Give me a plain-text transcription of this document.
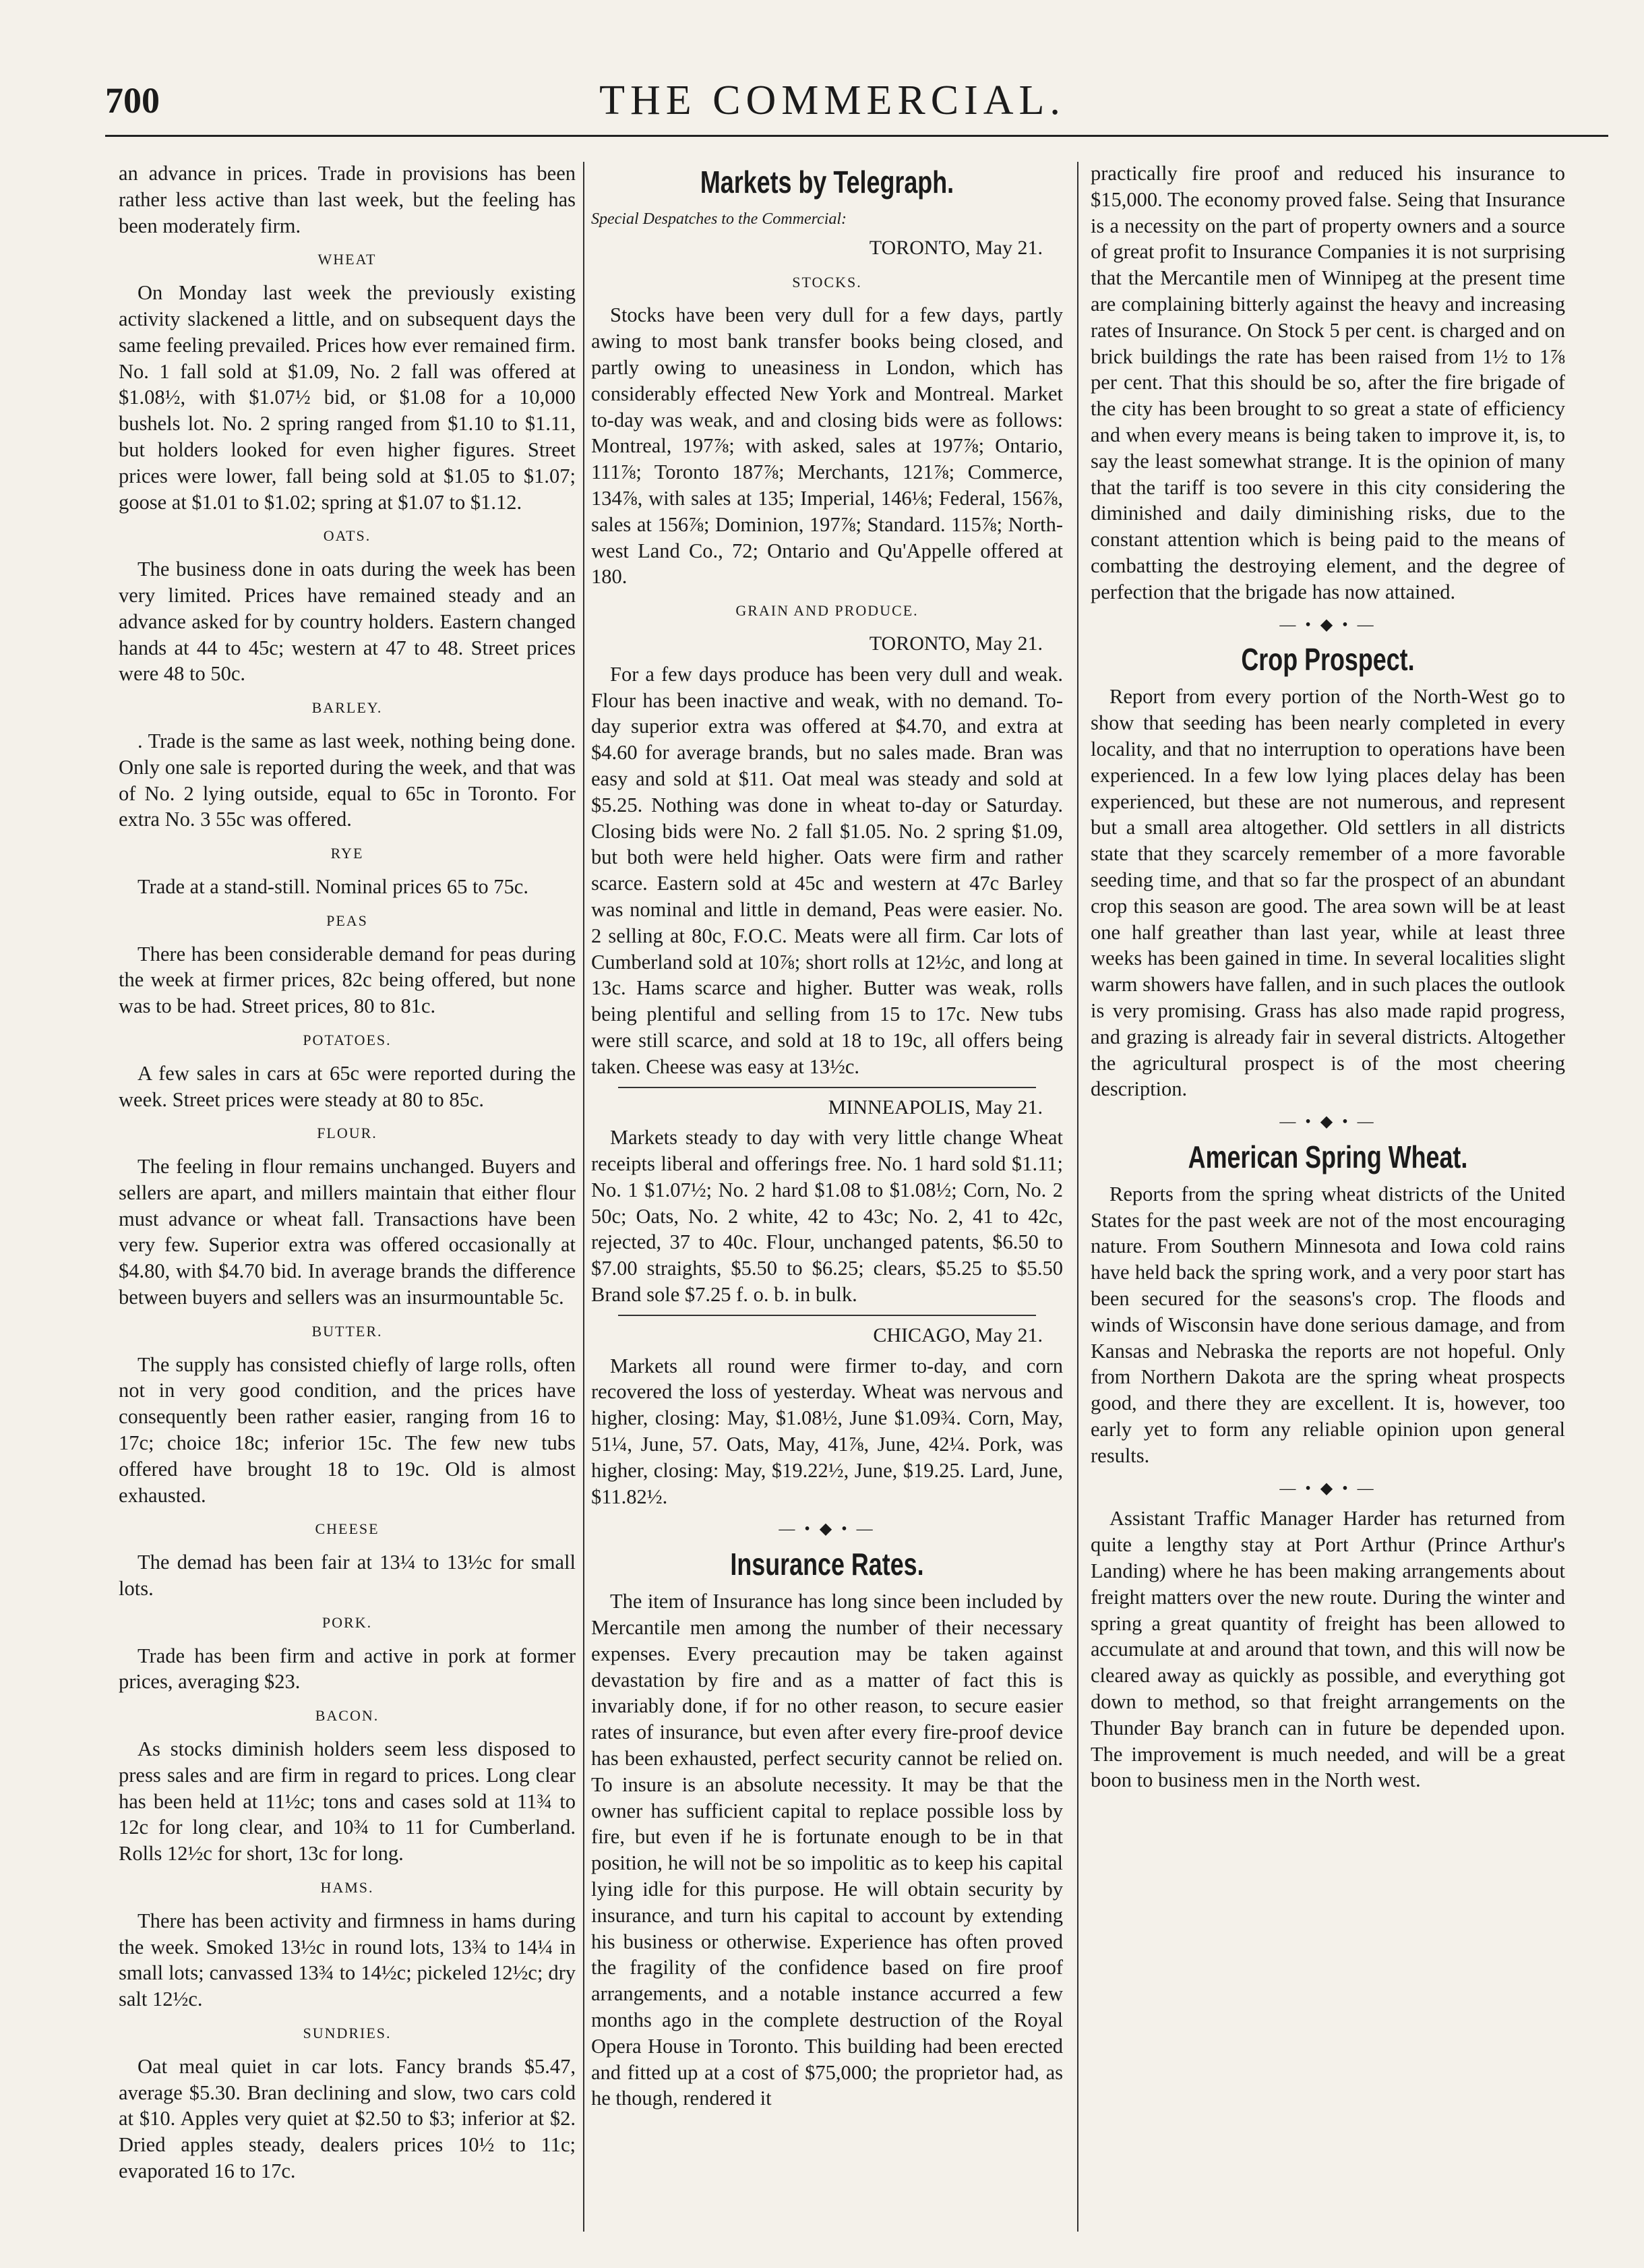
700	THE COMMERCIAL.

an advance in prices. Trade in provisions has been rather less active than last week, but the feeling has been moderately firm.

WHEAT

On Monday last week the previously existing activity slackened a little, and on subsequent days the same feeling prevailed. Prices how ever remained firm. No. 1 fall sold at $1.09, No. 2 fall was offered at $1.08½, with $1.07½ bid, or $1.08 for a 10,000 bushels lot. No. 2 spring ranged from $1.10 to $1.11, but holders looked for even higher figures. Street prices were lower, fall being sold at $1.05 to $1.07; goose at $1.01 to $1.02; spring at $1.07 to $1.12.

OATS.

The business done in oats during the week has been very limited. Prices have remained steady and an advance asked for by country holders. Eastern changed hands at 44 to 45c; western at 47 to 48. Street prices were 48 to 50c.

BARLEY.

. Trade is the same as last week, nothing being done. Only one sale is reported during the week, and that was of No. 2 lying outside, equal to 65c in Toronto. For extra No. 3 55c was offered.

RYE

Trade at a stand-still. Nominal prices 65 to 75c.

PEAS

There has been considerable demand for peas during the week at firmer prices, 82c being offered, but none was to be had. Street prices, 80 to 81c.

POTATOES.

A few sales in cars at 65c were reported during the week. Street prices were steady at 80 to 85c.

FLOUR.

The feeling in flour remains unchanged. Buyers and sellers are apart, and millers maintain that either flour must advance or wheat fall. Transactions have been very few. Superior extra was offered occasionally at $4.80, with $4.70 bid. In average brands the difference between buyers and sellers was an insurmountable 5c.

BUTTER.

The supply has consisted chiefly of large rolls, often not in very good condition, and the prices have consequently been rather easier, ranging from 16 to 17c; choice 18c; inferior 15c. The few new tubs offered have brought 18 to 19c. Old is almost exhausted.

CHEESE

The demad has been fair at 13¼ to 13½c for small lots.

PORK.

Trade has been firm and active in pork at former prices, averaging $23.

BACON.

As stocks diminish holders seem less disposed to press sales and are firm in regard to prices. Long clear has been held at 11½c; tons and cases sold at 11¾ to 12c for long clear, and 10¾ to 11 for Cumberland. Rolls 12½c for short, 13c for long.

HAMS.

There has been activity and firmness in hams during the week. Smoked 13½c in round lots, 13¾ to 14¼ in small lots; canvassed 13¾ to 14½c; pickeled 12½c; dry salt 12½c.

SUNDRIES.

Oat meal quiet in car lots. Fancy brands $5.47, average $5.30. Bran declining and slow, two cars cold at $10. Apples very quiet at $2.50 to $3; inferior at $2. Dried apples steady, dealers prices 10½ to 11c; evaporated 16 to 17c.

Markets by Telegraph.
Special Despatches to the Commercial:
TORONTO, May 21.
STOCKS.

Stocks have been very dull for a few days, partly awing to most bank transfer books being closed, and partly owing to uneasiness in London, which has considerably effected New York and Montreal. Market to-day was weak, and and closing bids were as follows: Montreal, 197⅞; with asked, sales at 197⅞; Ontario, 111⅞; Toronto 187⅞; Merchants, 121⅞; Commerce, 134⅞, with sales at 135; Imperial, 146⅛; Federal, 156⅞, sales at 156⅞; Dominion, 197⅞; Standard. 115⅞; North-west Land Co., 72; Ontario and Qu'Appelle offered at 180.

GRAIN AND PRODUCE.
TORONTO, May 21.

For a few days produce has been very dull and weak. Flour has been inactive and weak, with no demand. To-day superior extra was offered at $4.70, and extra at $4.60 for average brands, but no sales made. Bran was easy and sold at $11. Oat meal was steady and sold at $5.25. Nothing was done in wheat to-day or Saturday. Closing bids were No. 2 fall $1.05. No. 2 spring $1.09, but both were held higher. Oats were firm and rather scarce. Eastern sold at 45c and western at 47c Barley was nominal and little in demand, Peas were easier. No. 2 selling at 80c, F.O.C. Meats were all firm. Car lots of Cumberland sold at 10⅞; short rolls at 12½c, and long at 13c. Hams scarce and higher. Butter was weak, rolls being plentiful and selling from 15 to 17c. New tubs were still scarce, and sold at 18 to 19c, all offers being taken. Cheese was easy at 13½c.

MINNEAPOLIS, May 21.

Markets steady to day with very little change Wheat receipts liberal and offerings free. No. 1 hard sold $1.11; No. 1 $1.07½; No. 2 hard $1.08 to $1.08½; Corn, No. 2 50c; Oats, No. 2 white, 42 to 43c; No. 2, 41 to 42c, rejected, 37 to 40c. Flour, unchanged patents, $6.50 to $7.00 straights, $5.50 to $6.25; clears, $5.25 to $5.50 Brand sole $7.25 f. o. b. in bulk.

CHICAGO, May 21.

Markets all round were firmer to-day, and corn recovered the loss of yesterday. Wheat was nervous and higher, closing: May, $1.08½, June $1.09¾. Corn, May, 51¼, June, 57. Oats, May, 41⅞, June, 42¼. Pork, was higher, closing: May, $19.22½, June, $19.25. Lard, June, $11.82½.

— • ◆ • —
Insurance Rates.

The item of Insurance has long since been included by Mercantile men among the number of their necessary expenses. Every precaution may be taken against devastation by fire and as a matter of fact this is invariably done, if for no other reason, to secure easier rates of insurance, but even after every fire-proof device has been exhausted, perfect security cannot be relied on. To insure is an absolute necessity. It may be that the owner has sufficient capital to replace possible loss by fire, but even if he is fortunate enough to be in that position, he will not be so impolitic as to keep his capital lying idle for this purpose. He will obtain security by insurance, and turn his capital to account by extending his business or otherwise. Experience has often proved the fragility of the confidence based on fire proof arrangements, and a notable instance accurred a few months ago in the complete destruction of the Royal Opera House in Toronto. This building had been erected and fitted up at a cost of $75,000; the proprietor had, as he though, rendered it

practically fire proof and reduced his insurance to $15,000. The economy proved false. Seing that Insurance is a necessity on the part of property owners and a source of great profit to Insurance Companies it is not surprising that the Mercantile men of Winnipeg at the present time are complaining bitterly against the heavy and increasing rates of Insurance. On Stock 5 per cent. is charged and on brick buildings the rate has been raised from 1½ to 1⅞ per cent. That this should be so, after the fire brigade of the city has been brought to so great a state of efficiency and when every means is being taken to improve it, is, to say the least somewhat strange. It is the opinion of many that the tariff is too severe in this city considering the diminished and daily diminishing risks, due to the constant attention which is being paid to the means of combatting the destroying element, and the degree of perfection that the brigade has now attained.

— • ◆ • —
Crop Prospect.

Report from every portion of the North-West go to show that seeding has been nearly completed in every locality, and that no interruption to operations have been experienced. In a few low lying places delay has been experienced, but these are not numerous, and represent but a small area altogether. Old settlers in all districts state that they scarcely remember of a more favorable seeding time, and that so far the prospect of an abundant crop this season are good. The area sown will be at least one half greather than last year, while at least three weeks has been gained in time. In several localities slight warm showers have fallen, and in such places the outlook is very promising. Grass has also made rapid progress, and grazing is already fair in several districts. Altogether the agricultural prospect is of the most cheering description.

— • ◆ • —
American Spring Wheat.

Reports from the spring wheat districts of the United States for the past week are not of the most encouraging nature. From Southern Minnesota and Iowa cold rains have held back the spring work, and a very poor start has been secured for the seasons's crop. The floods and winds of Wisconsin have done serious damage, and from Kansas and Nebraska the reports are not hopeful. Only from Northern Dakota are the spring wheat prospects good, and there they are excellent. It is, however, too early yet to form any reliable opinion upon general results.

— • ◆ • —

Assistant Traffic Manager Harder has returned from quite a lengthy stay at Port Arthur (Prince Arthur's Landing) where he has been making arrangements about freight matters over the new route. During the winter and spring a great quantity of freight has been allowed to accumulate at and around that town, and this will now be cleared away as quickly as possible, and everything got down to method, so that freight arrangements on the Thunder Bay branch can in future be depended upon. The improvement is much needed, and will be a great boon to business men in the North west.
